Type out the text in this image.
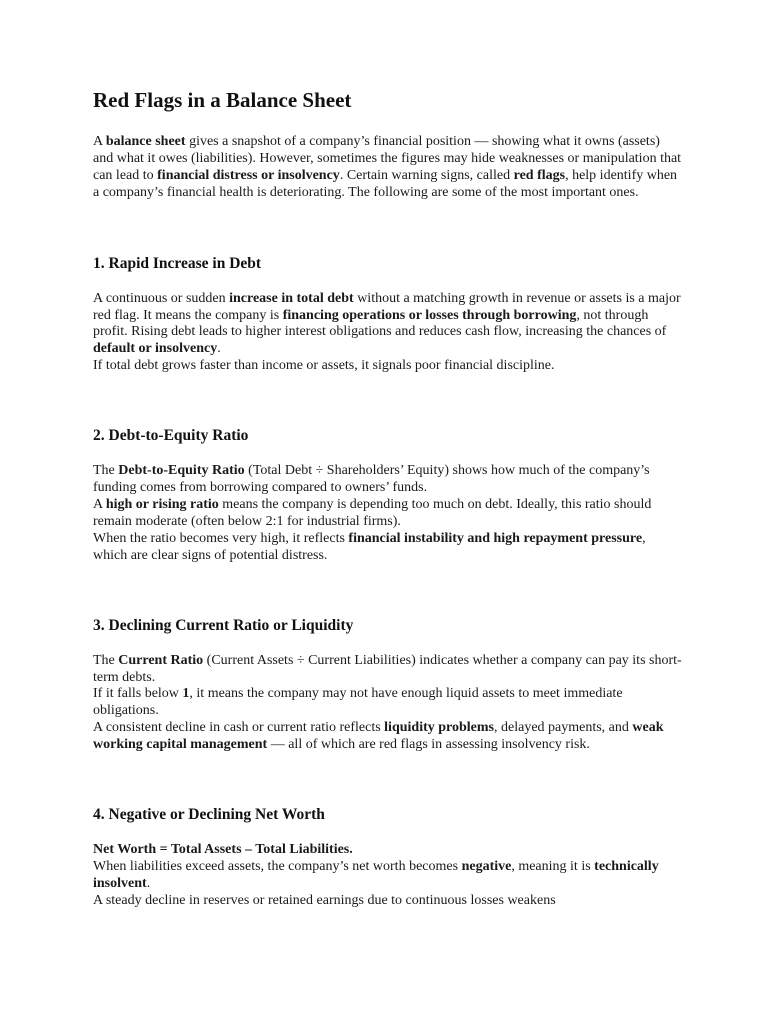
Red Flags in a Balance Sheet

A balance sheet gives a snapshot of a company’s financial position — showing what it owns (assets) and what it owes (liabilities). However, sometimes the figures may hide weaknesses or manipulation that can lead to financial distress or insolvency. Certain warning signs, called red flags, help identify when a company’s financial health is deteriorating. The following are some of the most important ones.

1. Rapid Increase in Debt

A continuous or sudden increase in total debt without a matching growth in revenue or assets is a major red flag. It means the company is financing operations or losses through borrowing, not through profit. Rising debt leads to higher interest obligations and reduces cash flow, increasing the chances of default or insolvency.
If total debt grows faster than income or assets, it signals poor financial discipline.

2. Debt-to-Equity Ratio

The Debt-to-Equity Ratio (Total Debt ÷ Shareholders’ Equity) shows how much of the company’s funding comes from borrowing compared to owners’ funds.
A high or rising ratio means the company is depending too much on debt. Ideally, this ratio should remain moderate (often below 2:1 for industrial firms).
When the ratio becomes very high, it reflects financial instability and high repayment pressure, which are clear signs of potential distress.

3. Declining Current Ratio or Liquidity

The Current Ratio (Current Assets ÷ Current Liabilities) indicates whether a company can pay its short-term debts.
If it falls below 1, it means the company may not have enough liquid assets to meet immediate obligations.
A consistent decline in cash or current ratio reflects liquidity problems, delayed payments, and weak working capital management — all of which are red flags in assessing insolvency risk.

4. Negative or Declining Net Worth

Net Worth = Total Assets – Total Liabilities.
When liabilities exceed assets, the company’s net worth becomes negative, meaning it is technically insolvent.
A steady decline in reserves or retained earnings due to continuous losses weakens
